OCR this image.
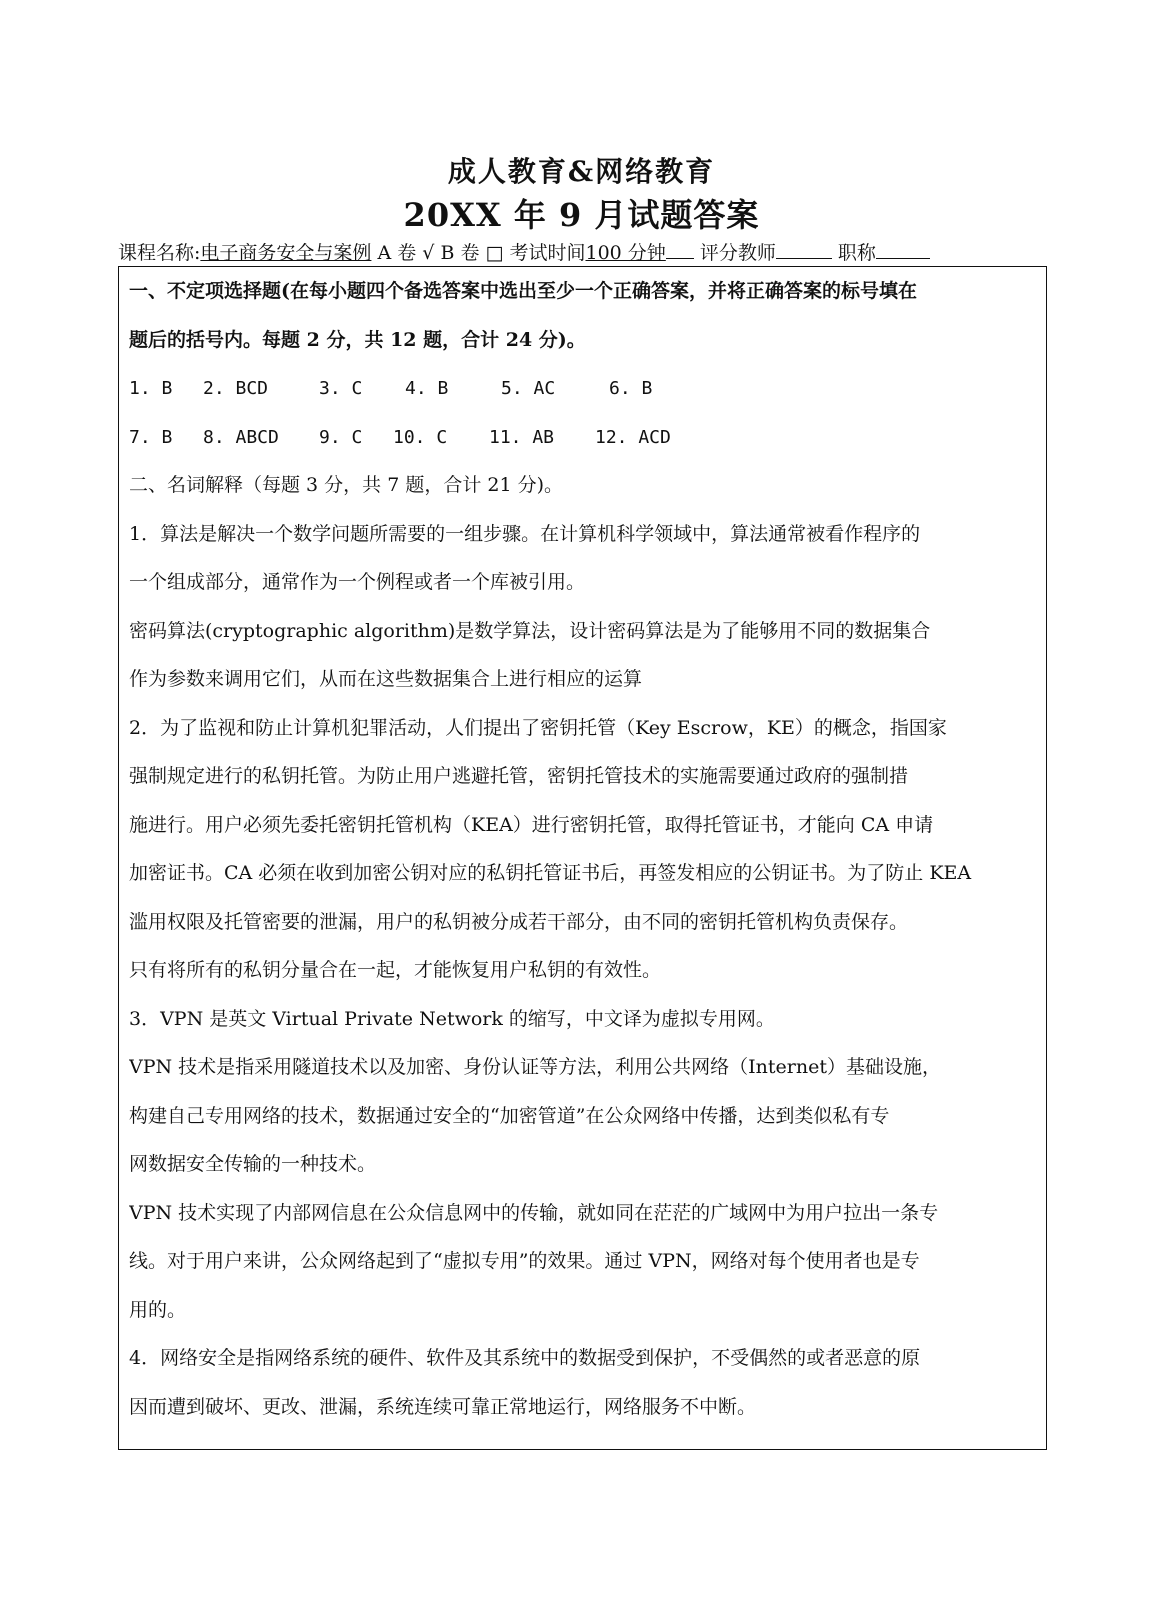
成人教育&网络教育
20XX 年 9 月试题答案
课程名称:电子商务安全与案例 A 卷 √ B 卷 □ 考试时间100 分钟 评分教师	职称
一、不定项选择题(在每小题四个备选答案中选出至少一个正确答案，并将正确答案的标号填在
题后的括号内。每题 2 分，共 12 题，合计 24 分)。
1. B 2. BCD	3. C 4. B	5. AC	6. B
7. B 8. ABCD 9. C 10. C 11. AB 12. ACD
二、名词解释（每题 3 分，共 7 题，合计 21 分)。
1．算法是解决一个数学问题所需要的一组步骤。在计算机科学领域中，算法通常被看作程序的
一个组成部分，通常作为一个例程或者一个库被引用。
密码算法(cryptographic algorithm)是数学算法，设计密码算法是为了能够用不同的数据集合
作为参数来调用它们，从而在这些数据集合上进行相应的运算
2．为了监视和防止计算机犯罪活动，人们提出了密钥托管（Key Escrow，KE）的概念，指国家
强制规定进行的私钥托管。为防止用户逃避托管，密钥托管技术的实施需要通过政府的强制措
施进行。用户必须先委托密钥托管机构（KEA）进行密钥托管，取得托管证书，才能向 CA 申请
加密证书。CA 必须在收到加密公钥对应的私钥托管证书后，再签发相应的公钥证书。为了防止 KEA
滥用权限及托管密要的泄漏，用户的私钥被分成若干部分，由不同的密钥托管机构负责保存。
只有将所有的私钥分量合在一起，才能恢复用户私钥的有效性。
3．VPN 是英文 Virtual Private Network 的缩写，中文译为虚拟专用网。
VPN 技术是指采用隧道技术以及加密、身份认证等方法，利用公共网络（Internet）基础设施，
构建自己专用网络的技术，数据通过安全的“加密管道”在公众网络中传播，达到类似私有专
网数据安全传输的一种技术。
VPN 技术实现了内部网信息在公众信息网中的传输，就如同在茫茫的广域网中为用户拉出一条专
线。对于用户来讲，公众网络起到了“虚拟专用”的效果。通过 VPN，网络对每个使用者也是专
用的。
4．网络安全是指网络系统的硬件、软件及其系统中的数据受到保护，不受偶然的或者恶意的原
因而遭到破坏、更改、泄漏，系统连续可靠正常地运行，网络服务不中断。
